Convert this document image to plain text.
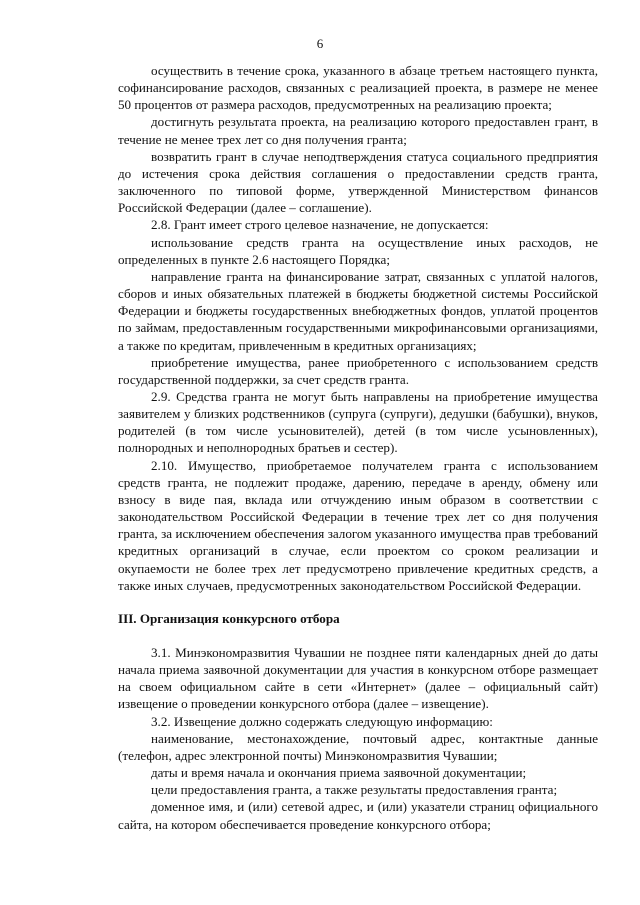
6

осуществить в течение срока, указанного в абзаце третьем настоящего пункта, софинансирование расходов, связанных с реализацией проекта, в размере не менее 50 процентов от размера расходов, предусмотренных на реализацию проекта;

достигнуть результата проекта, на реализацию которого предоставлен грант, в течение не менее трех лет со дня получения гранта;

возвратить грант в случае неподтверждения статуса социального предприятия до истечения срока действия соглашения о предоставлении средств гранта, заключенного по типовой форме, утвержденной Министерством финансов Российской Федерации (далее – соглашение).

2.8. Грант имеет строго целевое назначение, не допускается:

использование средств гранта на осуществление иных расходов, не определенных в пункте 2.6 настоящего Порядка;

направление гранта на финансирование затрат, связанных с уплатой налогов, сборов и иных обязательных платежей в бюджеты бюджетной системы Российской Федерации и бюджеты государственных внебюджетных фондов, уплатой процентов по займам, предоставленным государственными микрофинансовыми организациями, а также по кредитам, привлеченным в кредитных организациях;

приобретение имущества, ранее приобретенного с использованием средств государственной поддержки, за счет средств гранта.

2.9. Средства гранта не могут быть направлены на приобретение имущества заявителем у близких родственников (супруга (супруги), дедушки (бабушки), внуков, родителей (в том числе усыновителей), детей (в том числе усыновленных), полнородных и неполнородных братьев и сестер).

2.10. Имущество, приобретаемое получателем гранта с использованием средств гранта, не подлежит продаже, дарению, передаче в аренду, обмену или взносу в виде пая, вклада или отчуждению иным образом в соответствии с законодательством Российской Федерации в течение трех лет со дня получения гранта, за исключением обеспечения залогом указанного имущества прав требований кредитных организаций в случае, если проектом со сроком реализации и окупаемости не более трех лет предусмотрено привлечение кредитных средств, а также иных случаев, предусмотренных законодательством Российской Федерации.

III. Организация конкурсного отбора

3.1. Минэкономразвития Чувашии не позднее пяти календарных дней до даты начала приема заявочной документации для участия в конкурсном отборе размещает на своем официальном сайте в сети «Интернет» (далее – официальный сайт) извещение о проведении конкурсного отбора (далее – извещение).

3.2. Извещение должно содержать следующую информацию:

наименование, местонахождение, почтовый адрес, контактные данные (телефон, адрес электронной почты) Минэкономразвития Чувашии;

даты и время начала и окончания приема заявочной документации;

цели предоставления гранта, а также результаты предоставления гранта;

доменное имя, и (или) сетевой адрес, и (или) указатели страниц официального сайта, на котором обеспечивается проведение конкурсного отбора;
